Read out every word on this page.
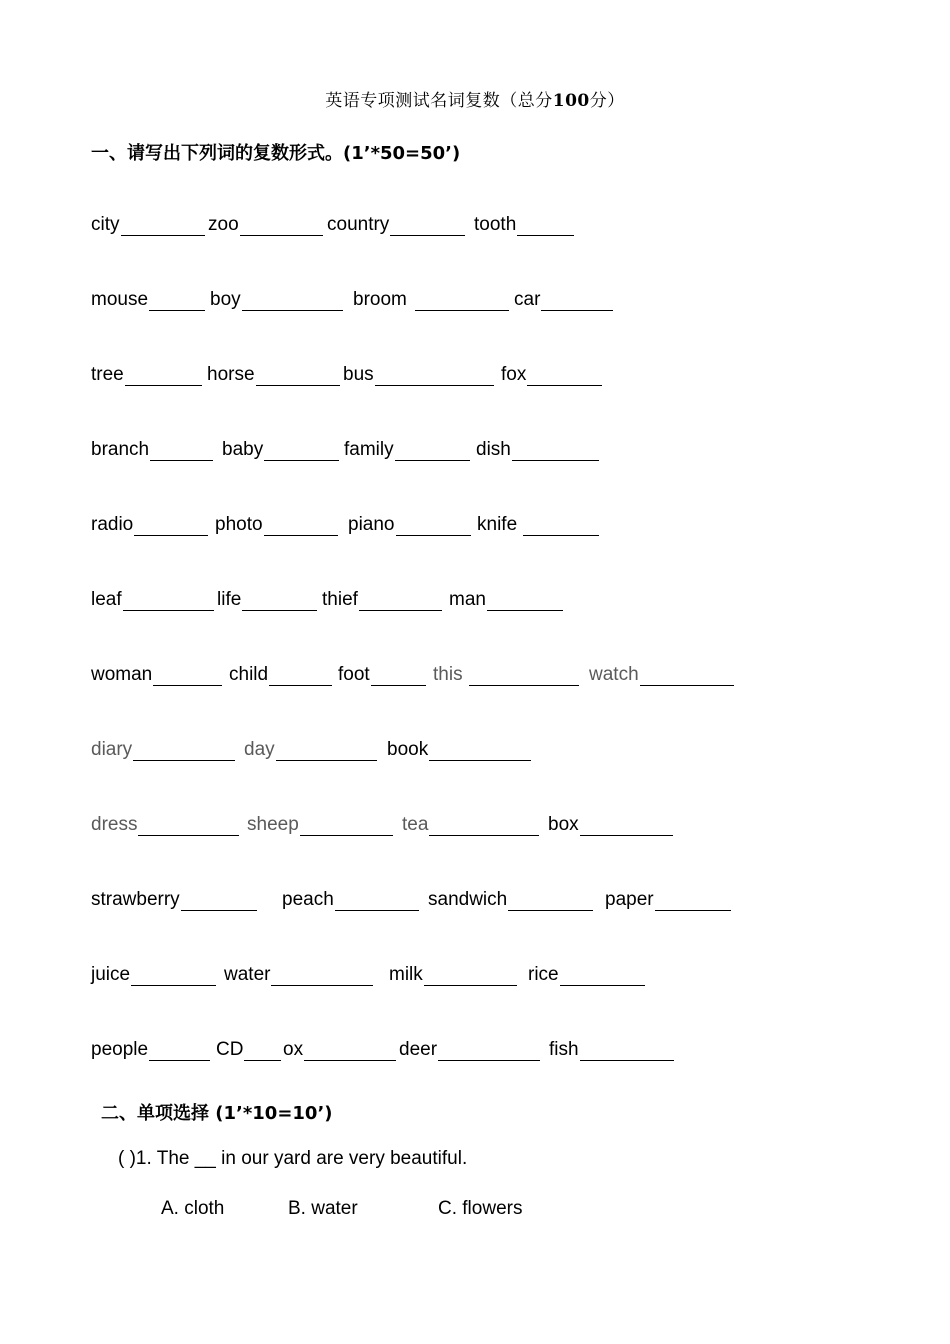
英语专项测试名词复数（总分100分）
一、请写出下列词的复数形式。(1’*50=50’)
city	zoo	country	tooth
mouse	boy	broom	car
tree	horse	bus	fox
branch	baby	family	dish
radio	photo	piano	knife
leaf	life	thief	man
woman	child	foot	this	watch
diary	day	book
dress	sheep	tea	box
strawberry	peach	sandwich	paper
juice	water	milk	rice
people	CD ox	deer	fish
二、单项选择 (1’*10=10’)
( )1. The __ in our yard are very beautiful.
A. cloth	B. water	C. flowers
